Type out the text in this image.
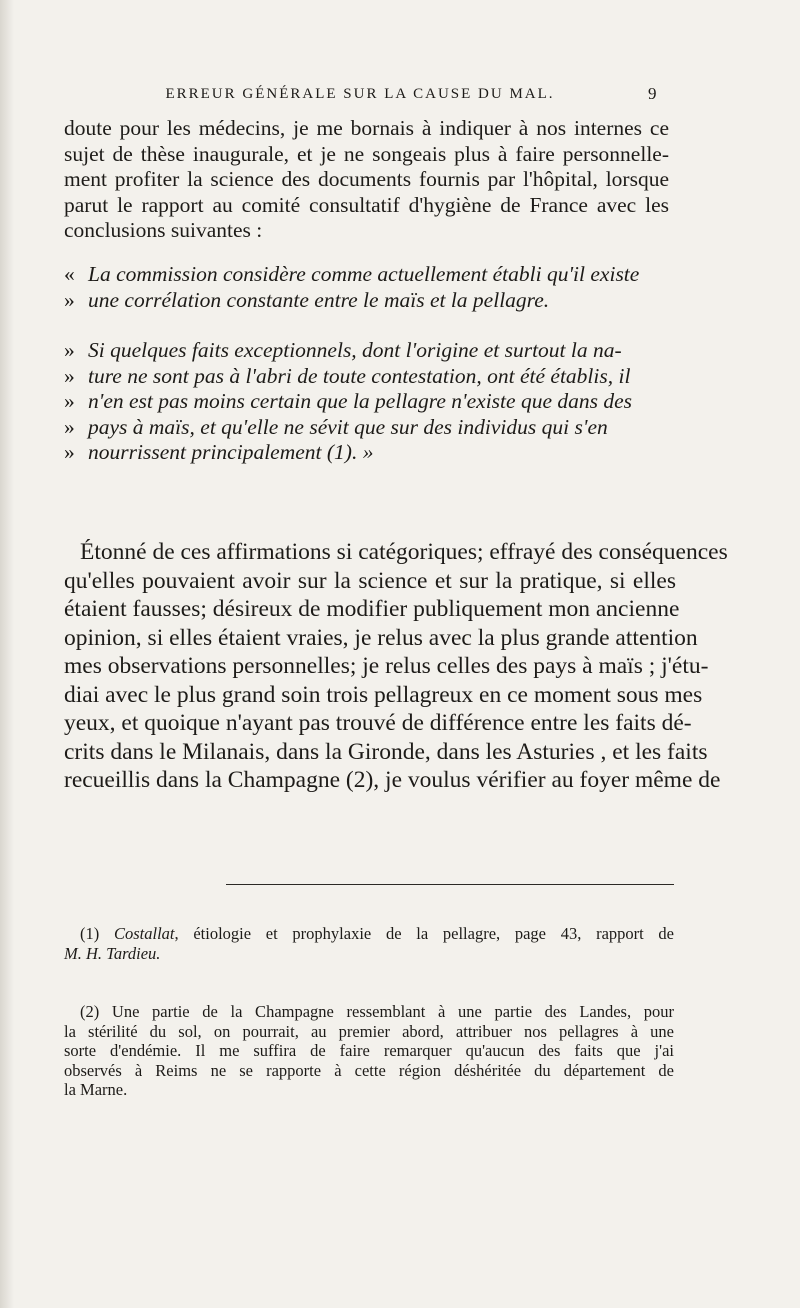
ERREUR GÉNÉRALE SUR LA CAUSE DU MAL.	9
doute pour les médecins, je me bornais à indiquer à nos internes ce
sujet de thèse inaugurale, et je ne songeais plus à faire personnelle-
ment profiter la science des documents fournis par l'hôpital, lorsque
parut le rapport au comité consultatif d'hygiène de France avec les
conclusions suivantes :
« La commission considère comme actuellement établi qu'il existe
» une corrélation constante entre le maïs et la pellagre.
» Si quelques faits exceptionnels, dont l'origine et surtout la na-
» ture ne sont pas à l'abri de toute contestation, ont été établis, il
» n'en est pas moins certain que la pellagre n'existe que dans des
» pays à maïs, et qu'elle ne sévit que sur des individus qui s'en
» nourrissent principalement (1). »
Étonné de ces affirmations si catégoriques; effrayé des conséquences
qu'elles pouvaient avoir sur la science et sur la pratique, si elles
étaient fausses; désireux de modifier publiquement mon ancienne
opinion, si elles étaient vraies, je relus avec la plus grande attention
mes observations personnelles; je relus celles des pays à maïs ; j'étu-
diai avec le plus grand soin trois pellagreux en ce moment sous mes
yeux, et quoique n'ayant pas trouvé de différence entre les faits dé-
crits dans le Milanais, dans la Gironde, dans les Asturies , et les faits
recueillis dans la Champagne (2), je voulus vérifier au foyer même de
(1) Costallat, étiologie et prophylaxie de la pellagre, page 43, rapport de
M. H. Tardieu.
(2) Une partie de la Champagne ressemblant à une partie des Landes, pour
la stérilité du sol, on pourrait, au premier abord, attribuer nos pellagres à une
sorte d'endémie. Il me suffira de faire remarquer qu'aucun des faits que j'ai
observés à Reims ne se rapporte à cette région déshéritée du département de
la Marne.
